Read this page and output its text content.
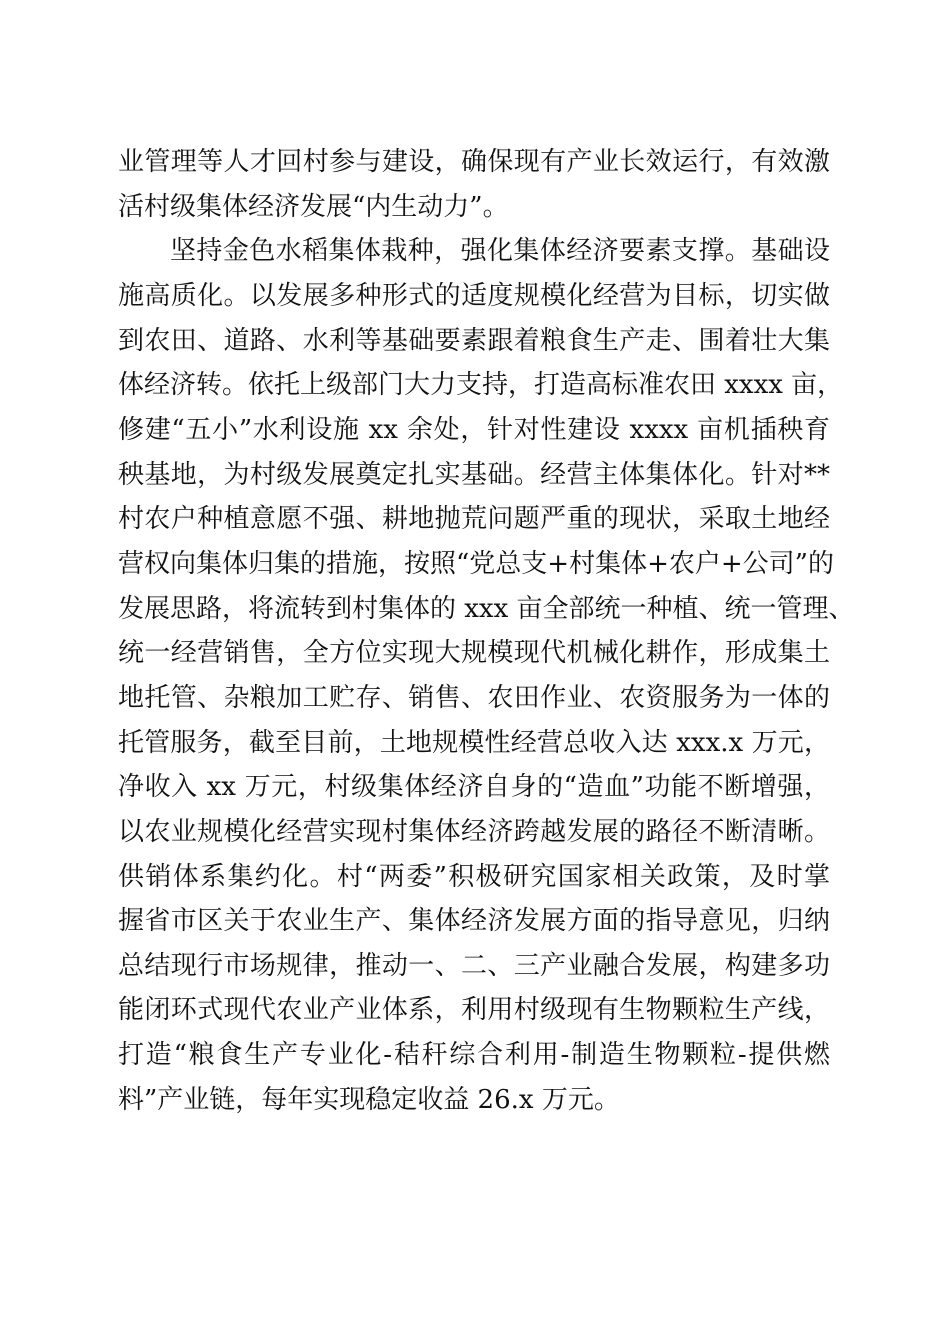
业管理等人才回村参与建设，确保现有产业长效运行，有效激
活村级集体经济发展“内生动力”。
坚持金色水稻集体栽种，强化集体经济要素支撑。基础设
施高质化。以发展多种形式的适度规模化经营为目标，切实做
到农田、道路、水利等基础要素跟着粮食生产走、围着壮大集
体经济转。依托上级部门大力支持，打造高标准农田 xxxx 亩，
修建“五小”水利设施 xx 余处，针对性建设 xxxx 亩机插秧育
秧基地，为村级发展奠定扎实基础。经营主体集体化。针对**
村农户种植意愿不强、耕地抛荒问题严重的现状，采取土地经
营权向集体归集的措施，按照“党总支+村集体+农户+公司”的
发展思路，将流转到村集体的 xxx 亩全部统一种植、统一管理、
统一经营销售，全方位实现大规模现代机械化耕作，形成集土
地托管、杂粮加工贮存、销售、农田作业、农资服务为一体的
托管服务，截至目前，土地规模性经营总收入达 xxx.x 万元，
净收入 xx 万元，村级集体经济自身的“造血”功能不断增强，
以农业规模化经营实现村集体经济跨越发展的路径不断清晰。
供销体系集约化。村“两委”积极研究国家相关政策，及时掌
握省市区关于农业生产、集体经济发展方面的指导意见，归纳
总结现行市场规律，推动一、二、三产业融合发展，构建多功
能闭环式现代农业产业体系，利用村级现有生物颗粒生产线，
打造“粮食生产专业化-秸秆综合利用-制造生物颗粒-提供燃
料”产业链，每年实现稳定收益 26.x 万元。
